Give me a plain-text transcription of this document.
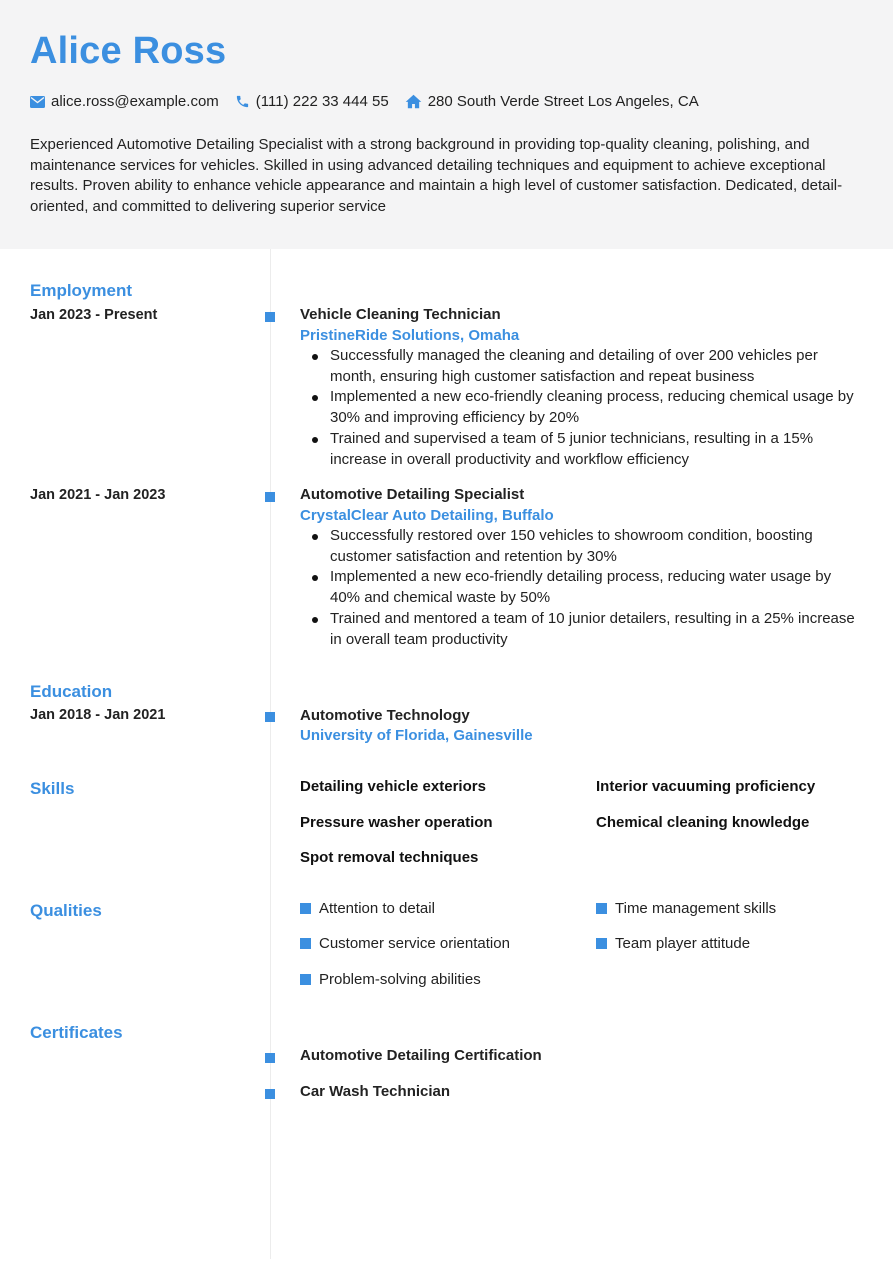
Alice Ross
alice.ross@example.com (111) 222 33 444 55	280 South Verde Street Los Angeles, CA

Experienced Automotive Detailing Specialist with a strong background in providing top-quality cleaning, polishing, and maintenance services for vehicles. Skilled in using advanced detailing techniques and equipment to achieve exceptional results. Proven ability to enhance vehicle appearance and maintain a high level of customer satisfaction. Dedicated, detail-oriented, and committed to delivering superior service

Employment
Jan 2023 - Present	Vehicle Cleaning Technician
PristineRide Solutions, Omaha
Successfully managed the cleaning and detailing of over 200 vehicles per month, ensuring high customer satisfaction and repeat business
Implemented a new eco-friendly cleaning process, reducing chemical usage by 30% and improving efficiency by 20%
Trained and supervised a team of 5 junior technicians, resulting in a 15% increase in overall productivity and workflow efficiency
Jan 2021 - Jan 2023	Automotive Detailing Specialist
CrystalClear Auto Detailing, Buffalo
Successfully restored over 150 vehicles to showroom condition, boosting customer satisfaction and retention by 30%
Implemented a new eco-friendly detailing process, reducing water usage by 40% and chemical waste by 50%
Trained and mentored a team of 10 junior detailers, resulting in a 25% increase in overall team productivity
Education
Jan 2018 - Jan 2021	Automotive Technology
University of Florida, Gainesville
Skills	Detailing vehicle exteriors	Interior vacuuming proficiency
Pressure washer operation	Chemical cleaning knowledge
Spot removal techniques
Qualities	Attention to detail	Time management skills
Customer service orientation	Team player attitude
Problem-solving abilities
Certificates
Automotive Detailing Certification
Car Wash Technician
